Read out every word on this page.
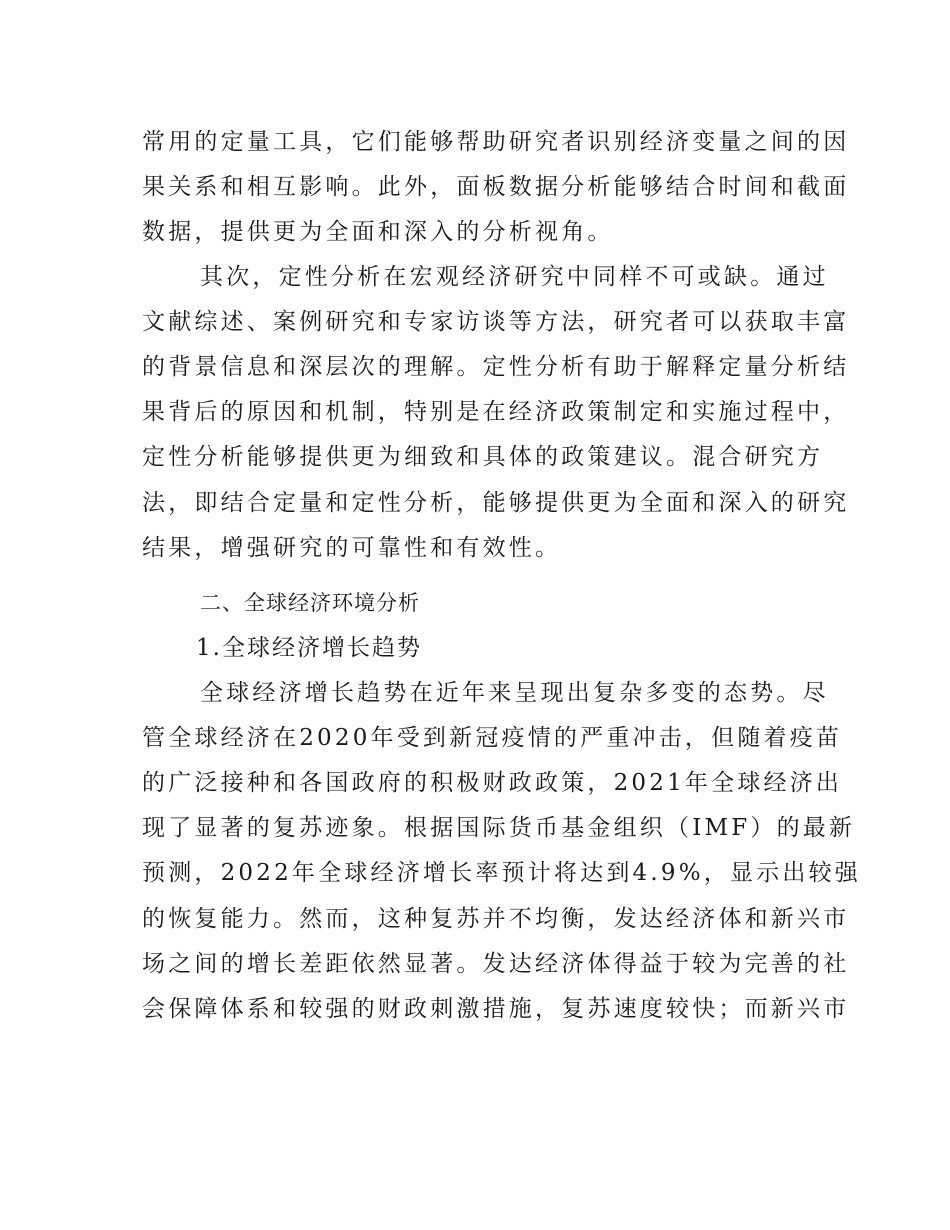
常用的定量工具，它们能够帮助研究者识别经济变量之间的因
果关系和相互影响。此外，面板数据分析能够结合时间和截面
数据，提供更为全面和深入的分析视角。
其次，定性分析在宏观经济研究中同样不可或缺。通过
文献综述、案例研究和专家访谈等方法，研究者可以获取丰富
的背景信息和深层次的理解。定性分析有助于解释定量分析结
果背后的原因和机制，特别是在经济政策制定和实施过程中，
定性分析能够提供更为细致和具体的政策建议。混合研究方
法，即结合定量和定性分析，能够提供更为全面和深入的研究
结果，增强研究的可靠性和有效性。
二、全球经济环境分析
1.全球经济增长趋势
全球经济增长趋势在近年来呈现出复杂多变的态势。尽
管全球经济在2020年受到新冠疫情的严重冲击，但随着疫苗
的广泛接种和各国政府的积极财政政策，2021年全球经济出
现了显著的复苏迹象。根据国际货币基金组织（IMF）的最新
预测，2022年全球经济增长率预计将达到4.9%，显示出较强
的恢复能力。然而，这种复苏并不均衡，发达经济体和新兴市
场之间的增长差距依然显著。发达经济体得益于较为完善的社
会保障体系和较强的财政刺激措施，复苏速度较快；而新兴市
